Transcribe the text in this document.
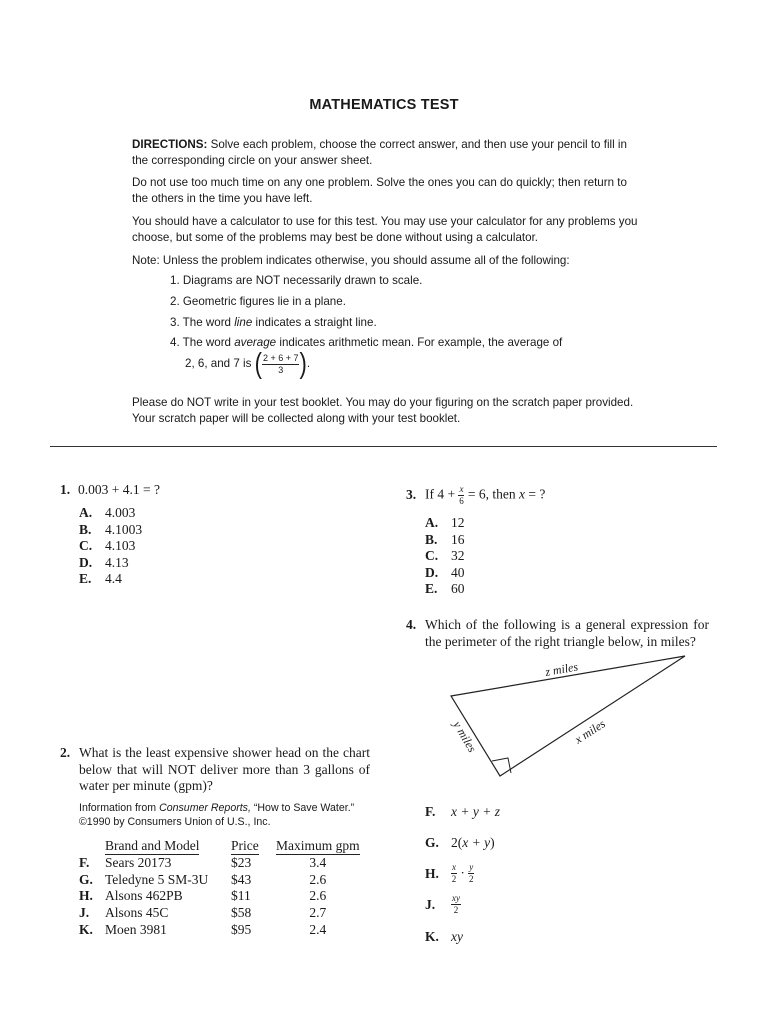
MATHEMATICS TEST
DIRECTIONS: Solve each problem, choose the correct answer, and then use your pencil to fill in the corresponding circle on your answer sheet.
Do not use too much time on any one problem. Solve the ones you can do quickly; then return to the others in the time you have left.
You should have a calculator to use for this test. You may use your calculator for any problems you choose, but some of the problems may best be done without using a calculator.
Note: Unless the problem indicates otherwise, you should assume all of the following:
1. Diagrams are NOT necessarily drawn to scale.
2. Geometric figures lie in a plane.
3. The word line indicates a straight line.
4. The word average indicates arithmetic mean. For example, the average of
2, 6, and 7 is ( $\frac{2 + 6 + 7}{3}$ ).
Please do NOT write in your test booklet. You may do your figuring on the scratch paper provided. Your scratch paper will be collected along with your test booklet.
1. 0.003 + 4.1 = ?
A. 4.003
B. 4.1003
C. 4.103
D. 4.13
E. 4.4
2. What is the least expensive shower head on the chart below that will NOT deliver more than 3 gallons of water per minute (gpm)?
Information from Consumer Reports, “How to Save Water.”
©1990 by Consumers Union of U.S., Inc.
	Brand and Model	Price	Maximum gpm
F.	Sears 20173	$23	3.4
G.	Teledyne 5 SM-3U	$43	2.6
H.	Alsons 462PB	$11	2.6
J.	Alsons 45C	$58	2.7
K.	Moen 3981	$95	2.4
3. If $4 + \frac{x}{6} = 6$, then x = ?
A. 12
B. 16
C. 32
D. 40
E. 60
4. Which of the following is a general expression for the perimeter of the right triangle below, in miles?
z miles
y miles	x miles
F. x + y + z
G. 2(x + y)
H. $\frac{x}{2} \cdot \frac{y}{2}$
J. $\frac{xy}{2}$
K. xy
